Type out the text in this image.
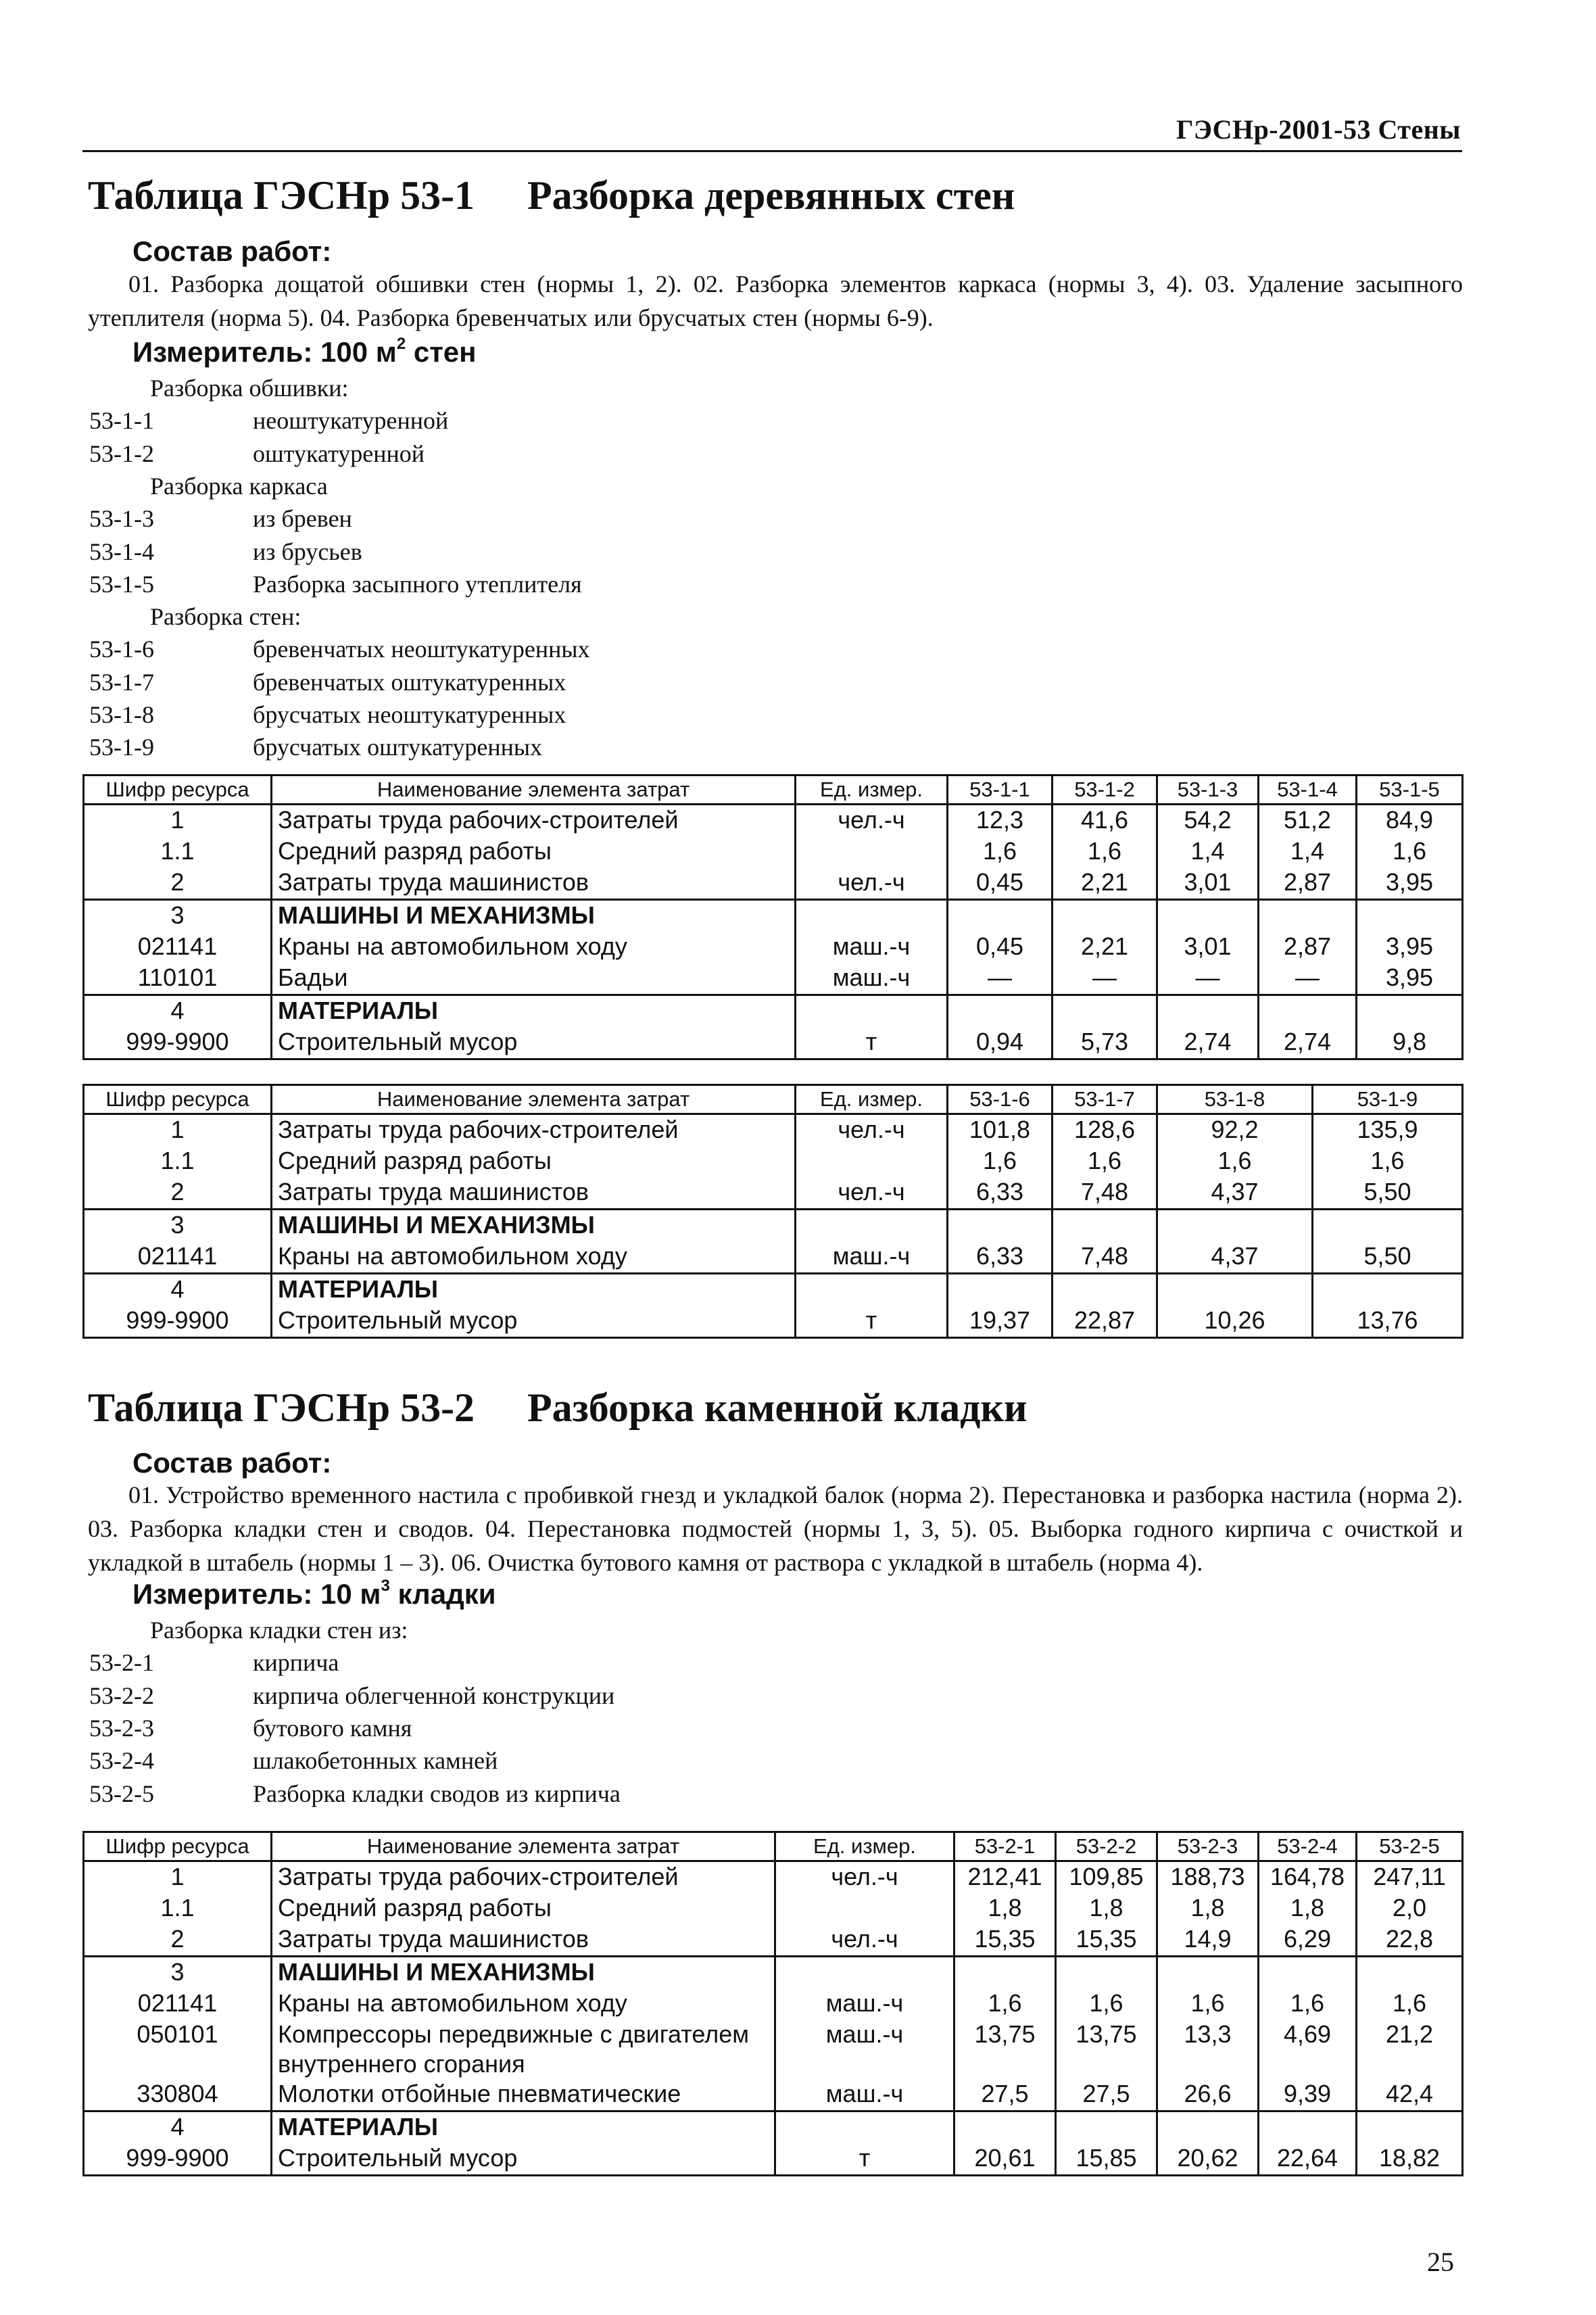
ГЭСНр-2001-53 Стены
Таблица ГЭСНр 53-1 Разборка деревянных стен
Состав работ:
01. Разборка дощатой обшивки стен (нормы 1, 2). 02. Разборка элементов каркаса (нормы 3, 4). 03. Удаление засыпного утеплителя (норма 5). 04. Разборка бревенчатых или брусчатых стен (нормы 6-9).
Измеритель: 100 $м^2$ стен
Разборка обшивки:
53-1-1	неоштукатуренной
53-1-2	оштукатуренной
Разборка каркаса
53-1-3	из бревен
53-1-4	из брусьев
53-1-5	Разборка засыпного утеплителя
Разборка стен:
53-1-6	бревенчатых неоштукатуренных
53-1-7	бревенчатых оштукатуренных
53-1-8	брусчатых неоштукатуренных
53-1-9	брусчатых оштукатуренных
Шифр ресурса	Наименование элемента затрат	Ед. измер.	53-1-1	53-1-2	53-1-3	53-1-4	53-1-5
1	Затраты труда рабочих-строителей	чел.-ч	12,3	41,6	54,2	51,2	84,9
1.1	Средний разряд работы		1,6	1,6	1,4	1,4	1,6
2	Затраты труда машинистов	чел.-ч	0,45	2,21	3,01	2,87	3,95
3	МАШИНЫ И МЕХАНИЗМЫ						
021141	Краны на автомобильном ходу	маш.-ч	0,45	2,21	3,01	2,87	3,95
110101	Бадьи	маш.-ч	—	—	—	—	3,95
4	МАТЕРИАЛЫ						
999-9900	Строительный мусор	т	0,94	5,73	2,74	2,74	9,8
Шифр ресурса	Наименование элемента затрат	Ед. измер.	53-1-6	53-1-7	53-1-8	53-1-9
1	Затраты труда рабочих-строителей	чел.-ч	101,8	128,6	92,2	135,9
1.1	Средний разряд работы		1,6	1,6	1,6	1,6
2	Затраты труда машинистов	чел.-ч	6,33	7,48	4,37	5,50
3	МАШИНЫ И МЕХАНИЗМЫ					
021141	Краны на автомобильном ходу	маш.-ч	6,33	7,48	4,37	5,50
4	МАТЕРИАЛЫ					
999-9900	Строительный мусор	т	19,37	22,87	10,26	13,76
Таблица ГЭСНр 53-2 Разборка каменной кладки
Состав работ:
01. Устройство временного настила с пробивкой гнезд и укладкой балок (норма 2). Перестановка и разборка настила (норма 2). 03. Разборка кладки стен и сводов. 04. Перестановка подмостей (нормы 1, 3, 5). 05. Выборка годного кирпича с очисткой и укладкой в штабель (нормы 1 – 3). 06. Очистка бутового камня от раствора с укладкой в штабель (норма 4).
Измеритель: 10 $м^3$ кладки
Разборка кладки стен из:
53-2-1	кирпича
53-2-2	кирпича облегченной конструкции
53-2-3	бутового камня
53-2-4	шлакобетонных камней
53-2-5	Разборка кладки сводов из кирпича
Шифр ресурса	Наименование элемента затрат	Ед. измер.	53-2-1	53-2-2	53-2-3	53-2-4	53-2-5
1	Затраты труда рабочих-строителей	чел.-ч	212,41	109,85	188,73	164,78	247,11
1.1	Средний разряд работы		1,8	1,8	1,8	1,8	2,0
2	Затраты труда машинистов	чел.-ч	15,35	15,35	14,9	6,29	22,8
3	МАШИНЫ И МЕХАНИЗМЫ						
021141	Краны на автомобильном ходу	маш.-ч	1,6	1,6	1,6	1,6	1,6
050101	Компрессоры передвижные с двигателем внутреннего сгорания	маш.-ч	13,75	13,75	13,3	4,69	21,2
330804	Молотки отбойные пневматические	маш.-ч	27,5	27,5	26,6	9,39	42,4
4	МАТЕРИАЛЫ						
999-9900	Строительный мусор	т	20,61	15,85	20,62	22,64	18,82
25
